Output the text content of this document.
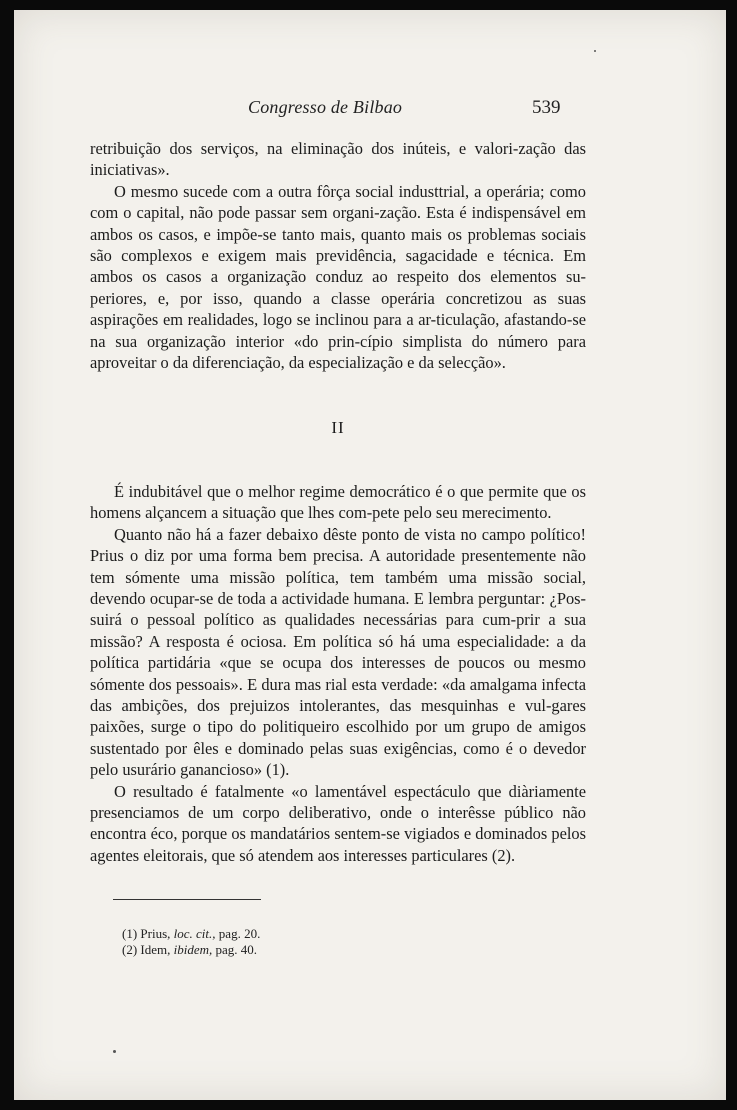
Congresso de Bilbao	539

retribuição dos serviços, na eliminação dos inúteis, e valori-zação das iniciativas».

O mesmo sucede com a outra fôrça social industtrial, a operária; como com o capital, não pode passar sem organi-zação. Esta é indispensável em ambos os casos, e impõe-se tanto mais, quanto mais os problemas sociais são complexos e exigem mais previdência, sagacidade e técnica. Em ambos os casos a organização conduz ao respeito dos elementos su-periores, e, por isso, quando a classe operária concretizou as suas aspirações em realidades, logo se inclinou para a ar-ticulação, afastando-se na sua organização interior «do prin-cípio simplista do número para aproveitar o da diferenciação, da especialização e da selecção».

II

É indubitável que o melhor regime democrático é o que permite que os homens alçancem a situação que lhes com-pete pelo seu merecimento.

Quanto não há a fazer debaixo dêste ponto de vista no campo político! Prius o diz por uma forma bem precisa. A autoridade presentemente não tem sómente uma missão política, tem também uma missão social, devendo ocupar-se de toda a actividade humana. E lembra perguntar: ¿Pos-suirá o pessoal político as qualidades necessárias para cum-prir a sua missão? A resposta é ociosa. Em política só há uma especialidade: a da política partidária «que se ocupa dos interesses de poucos ou mesmo sómente dos pessoais». E dura mas rial esta verdade: «da amalgama infecta das ambições, dos prejuizos intolerantes, das mesquinhas e vul-gares paixões, surge o tipo do politiqueiro escolhido por um grupo de amigos sustentado por êles e dominado pelas suas exigências, como é o devedor pelo usurário ganancioso» (1).

O resultado é fatalmente «o lamentável espectáculo que diàriamente presenciamos de um corpo deliberativo, onde o interêsse público não encontra éco, porque os mandatários sentem-se vigiados e dominados pelos agentes eleitorais, que só atendem aos interesses particulares (2).

(1) Prius, loc. cit., pag. 20.

(2) Idem, ibidem, pag. 40.
